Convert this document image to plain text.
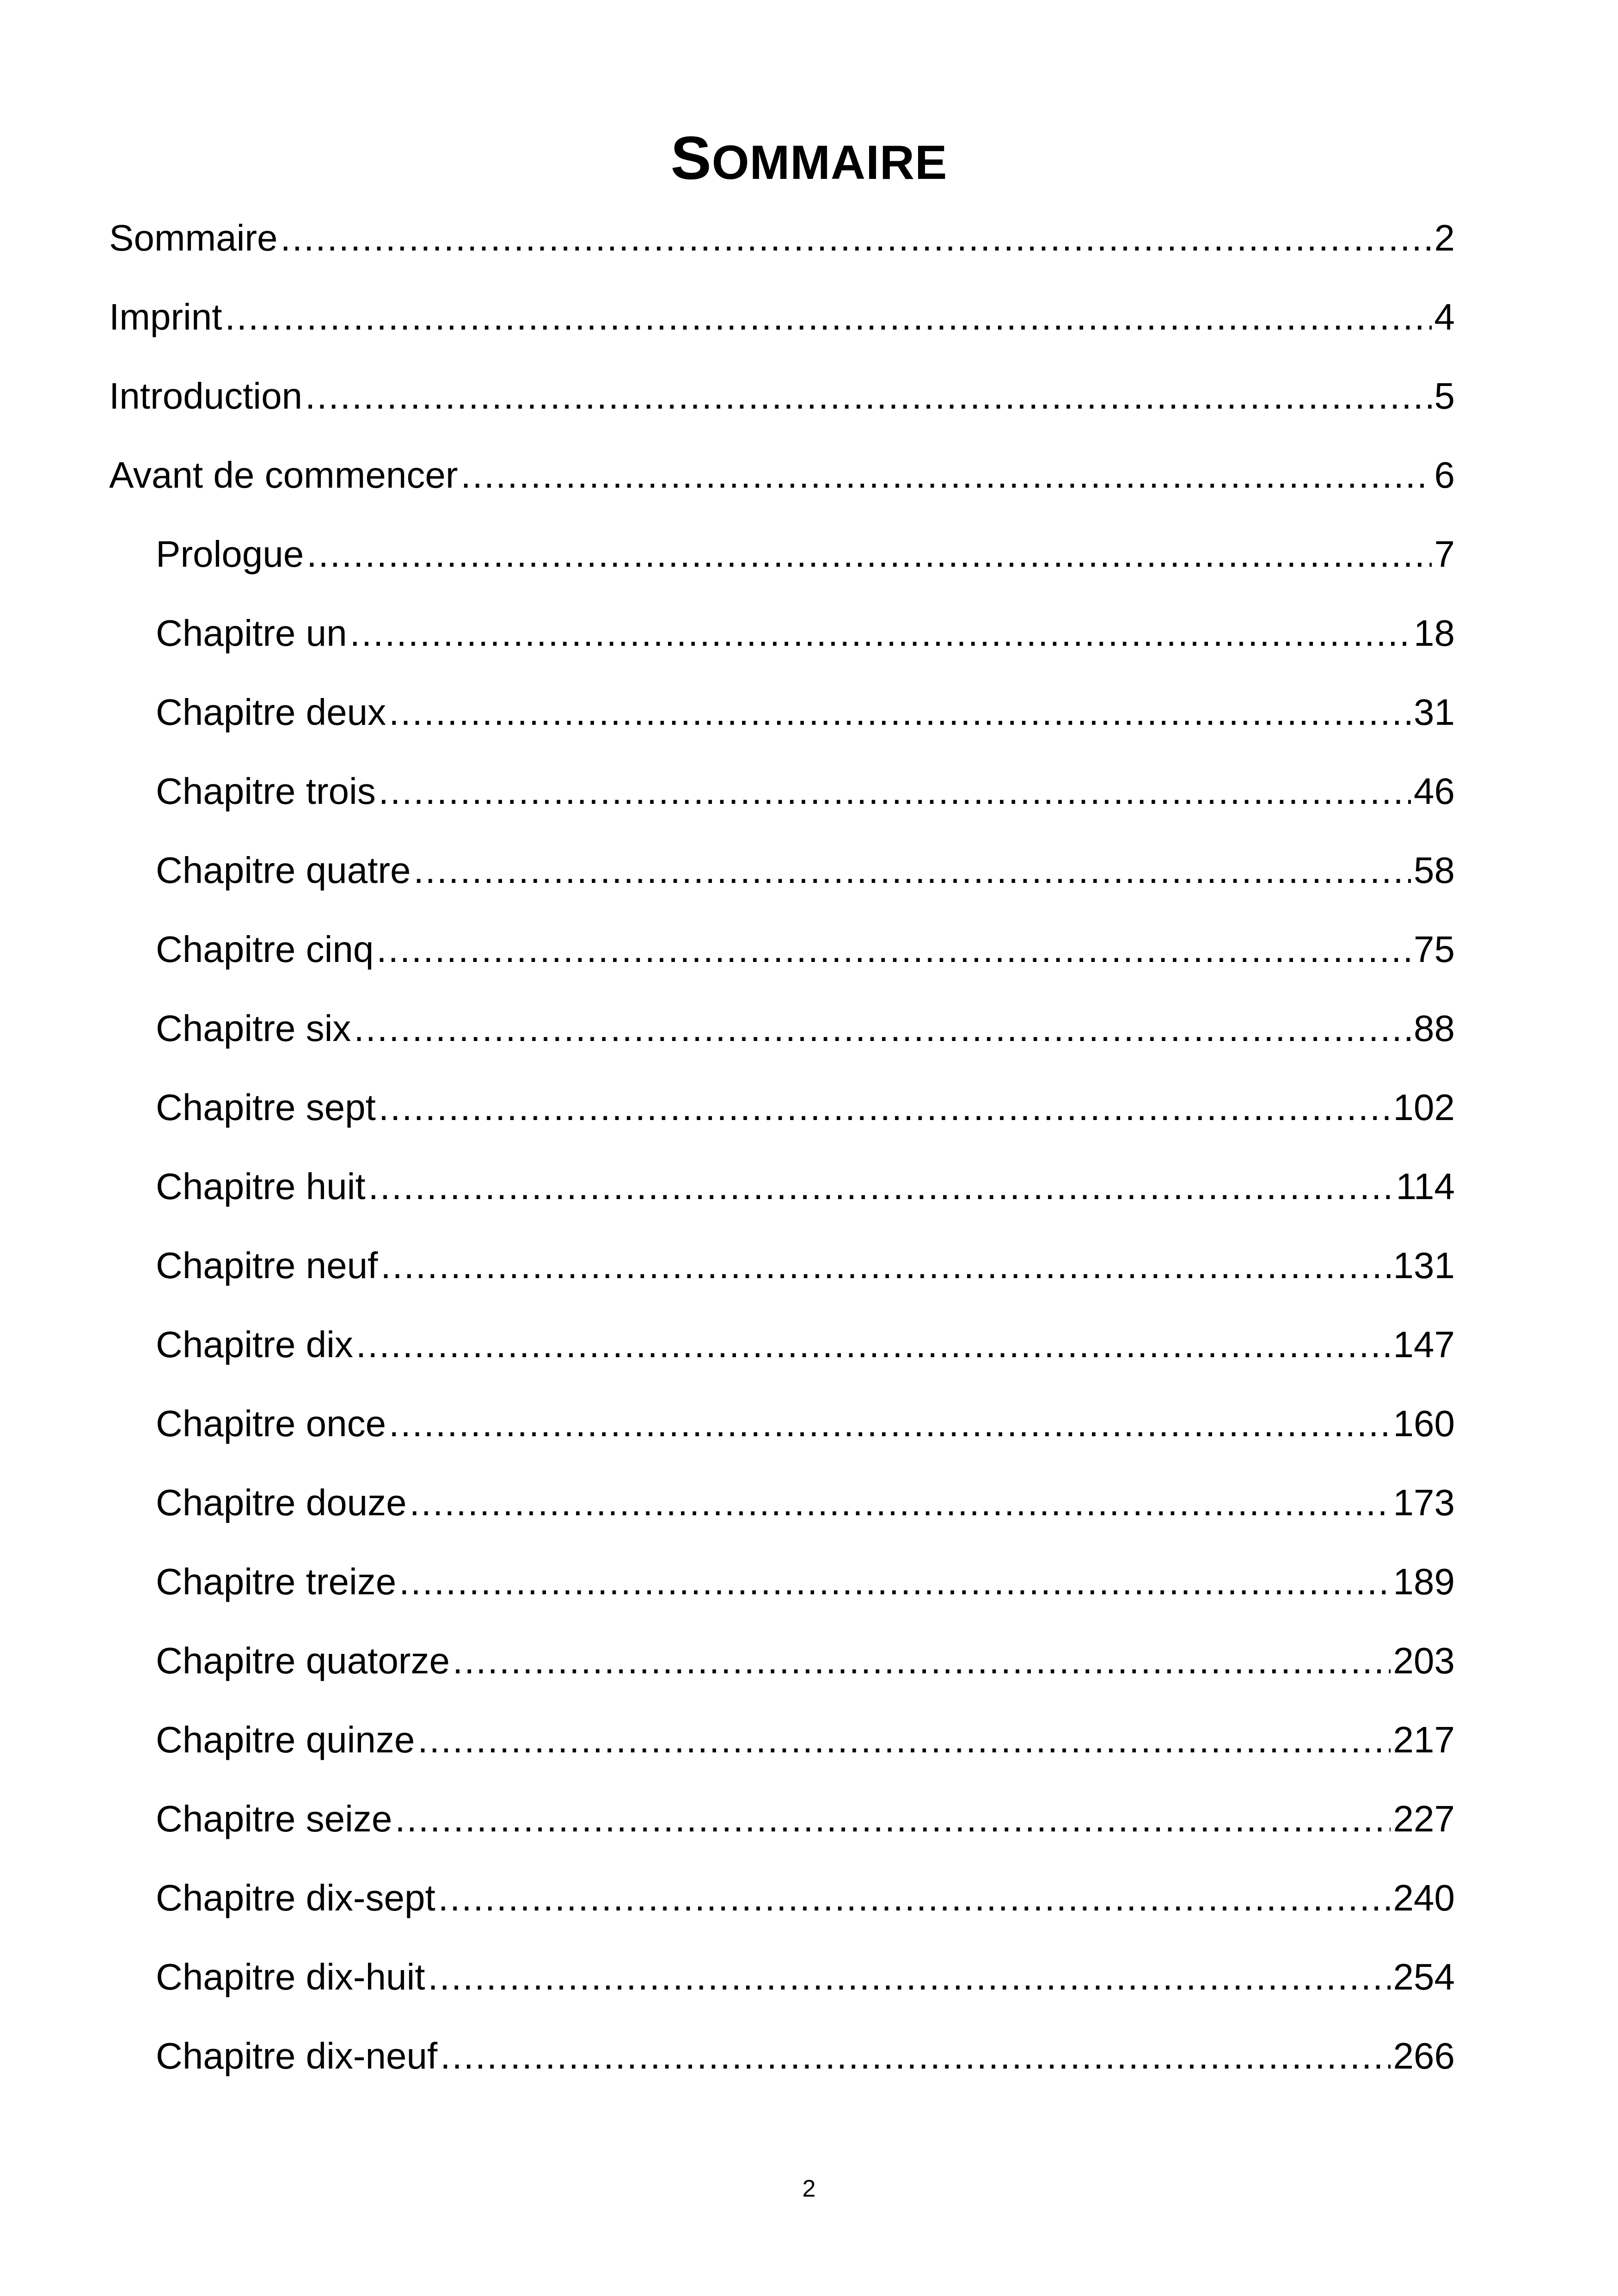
SOMMAIRE
Sommaire .....	2
Imprint .....	4
Introduction .....	5
Avant de commencer .....	6
Prologue .....	7
Chapitre un .....	18
Chapitre deux .....	31
Chapitre trois .....	46
Chapitre quatre .....	58
Chapitre cinq .....	75
Chapitre six .....	88
Chapitre sept .....	102
Chapitre huit .....	114
Chapitre neuf .....	131
Chapitre dix .....	147
Chapitre once .....	160
Chapitre douze .....	173
Chapitre treize .....	189
Chapitre quatorze .....	203
Chapitre quinze .....	217
Chapitre seize .....	227
Chapitre dix-sept .....	240
Chapitre dix-huit .....	254
Chapitre dix-neuf .....	266
2
